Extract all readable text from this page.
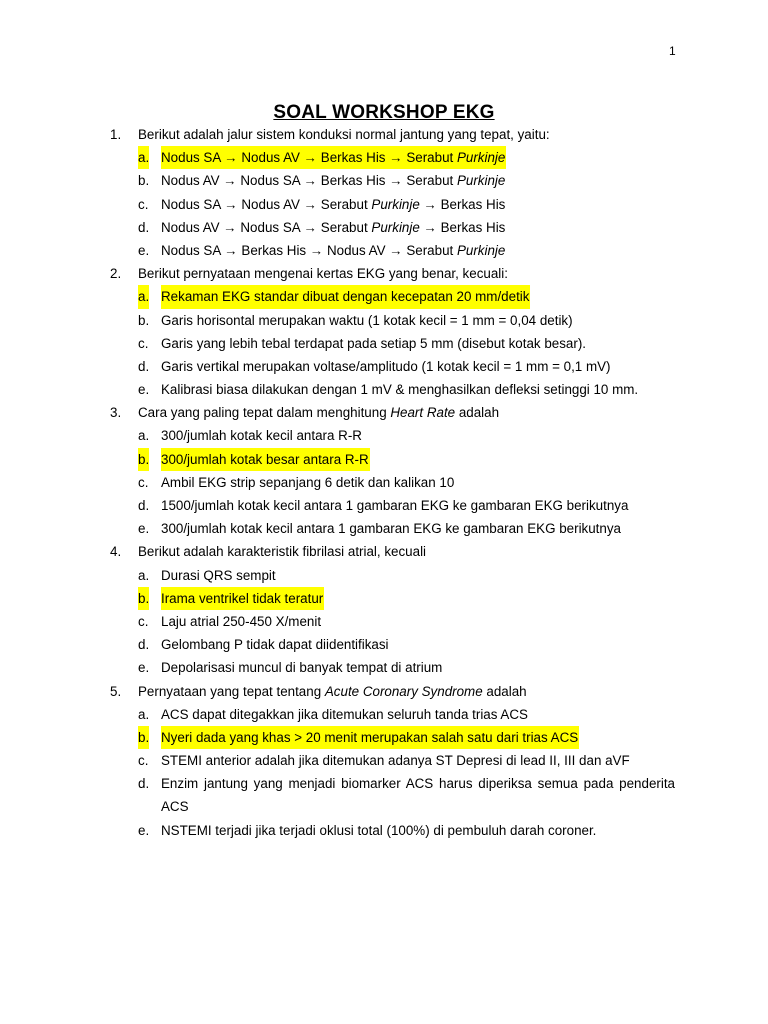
1
SOAL WORKSHOP EKG
1. Berikut adalah jalur sistem konduksi normal jantung yang tepat, yaitu:
a. Nodus SA → Nodus AV → Berkas His → Serabut Purkinje
b. Nodus AV → Nodus SA → Berkas His → Serabut Purkinje
c. Nodus SA → Nodus AV → Serabut Purkinje → Berkas His
d. Nodus AV → Nodus SA → Serabut Purkinje → Berkas His
e. Nodus SA → Berkas His → Nodus AV → Serabut Purkinje
2. Berikut pernyataan mengenai kertas EKG yang benar, kecuali:
a. Rekaman EKG standar dibuat dengan kecepatan 20 mm/detik
b. Garis horisontal merupakan waktu (1 kotak kecil = 1 mm = 0,04 detik)
c. Garis yang lebih tebal terdapat pada setiap 5 mm (disebut kotak besar).
d. Garis vertikal merupakan voltase/amplitudo (1 kotak kecil = 1 mm = 0,1 mV)
e. Kalibrasi biasa dilakukan dengan 1 mV & menghasilkan defleksi setinggi 10 mm.
3. Cara yang paling tepat dalam menghitung Heart Rate adalah
a. 300/jumlah kotak kecil antara R-R
b. 300/jumlah kotak besar antara R-R
c. Ambil EKG strip sepanjang 6 detik dan kalikan 10
d. 1500/jumlah kotak kecil antara 1 gambaran EKG ke gambaran EKG berikutnya
e. 300/jumlah kotak kecil antara 1 gambaran EKG ke gambaran EKG berikutnya
4. Berikut adalah karakteristik fibrilasi atrial, kecuali
a. Durasi QRS sempit
b. Irama ventrikel tidak teratur
c. Laju atrial 250-450 X/menit
d. Gelombang P tidak dapat diidentifikasi
e. Depolarisasi muncul di banyak tempat di atrium
5. Pernyataan yang tepat tentang Acute Coronary Syndrome adalah
a. ACS dapat ditegakkan jika ditemukan seluruh tanda trias ACS
b. Nyeri dada yang khas > 20 menit merupakan salah satu dari trias ACS
c. STEMI anterior adalah jika ditemukan adanya ST Depresi di lead II, III dan aVF
d. Enzim jantung yang menjadi biomarker ACS harus diperiksa semua pada penderita ACS
e. NSTEMI terjadi jika terjadi oklusi total (100%) di pembuluh darah coroner.
